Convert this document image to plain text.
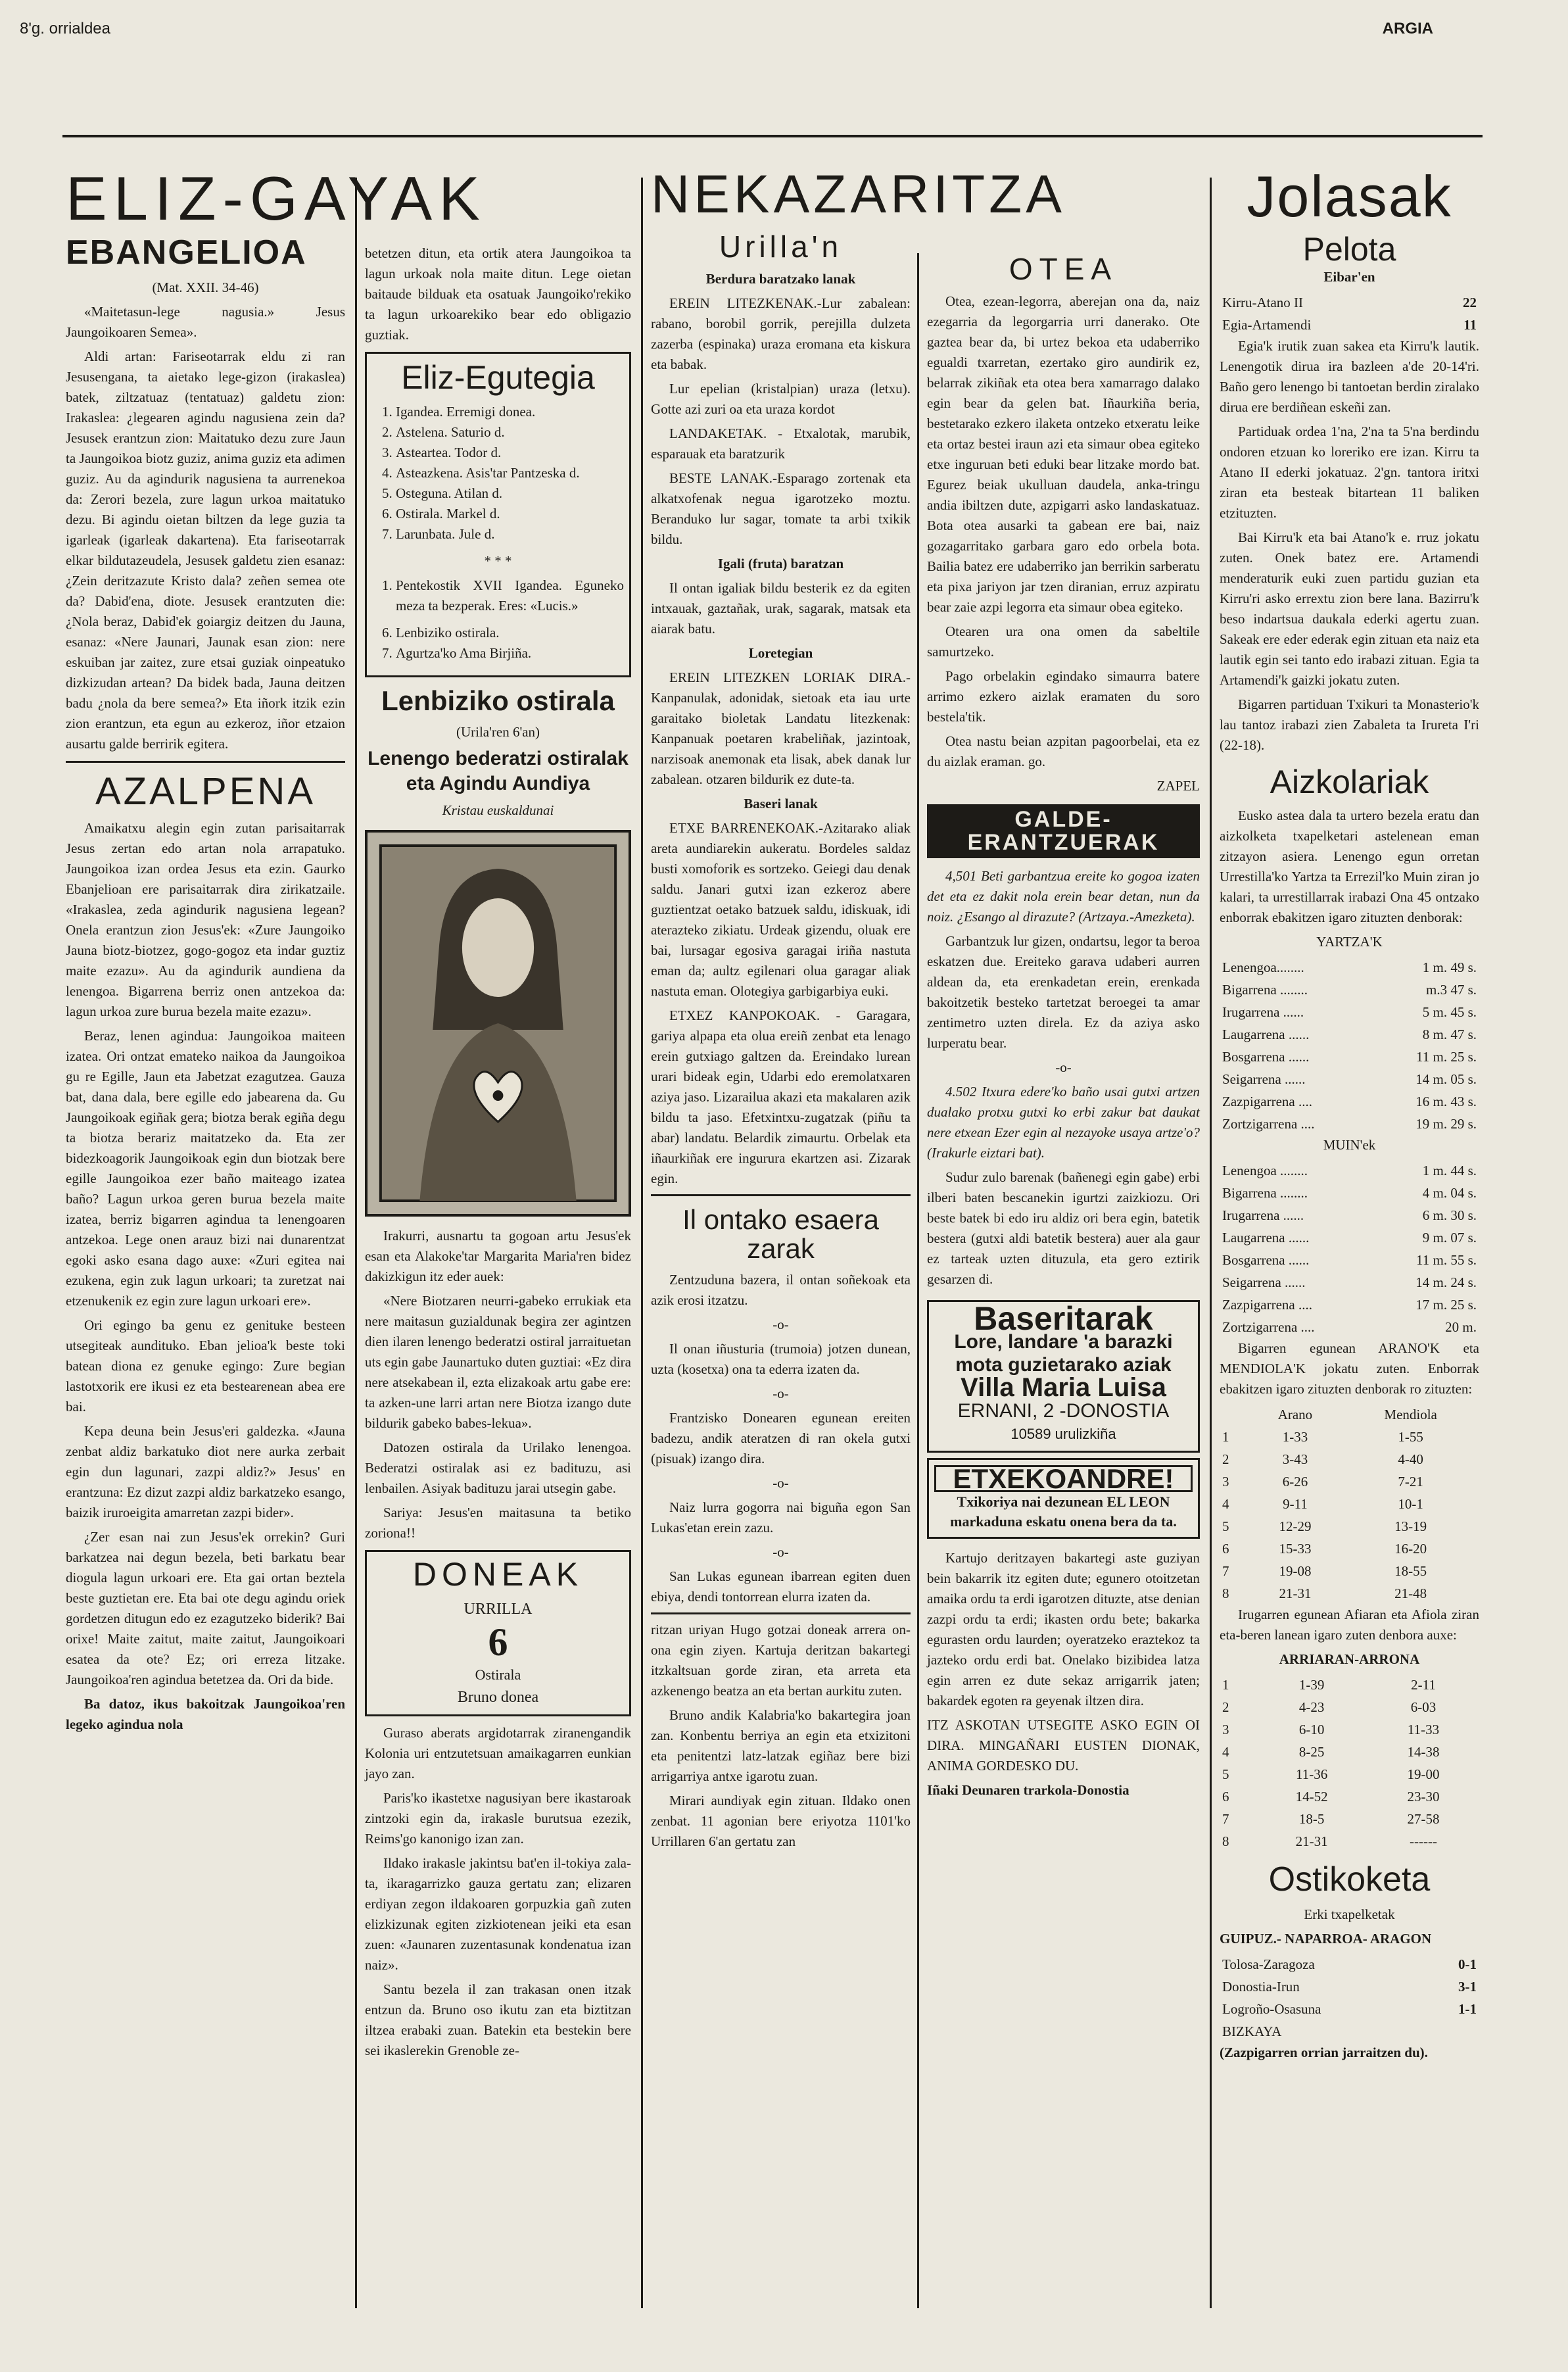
8'g. orrialdea	ARGIA
ELIZ-GAYAK
EBANGELIOA

(Mat. XXII. 34-46)

«Maitetasun-lege nagusia.» Jesus Jaungoikoaren Semea».

Aldi artan: Fariseotarrak eldu zi ran Jesusengana, ta aietako lege-gizon (irakaslea) batek, ziltzatuaz (tentatuaz) galdetu zion: Irakaslea: ¿legearen agindu nagusiena zein da? Jesusek erantzun zion: Maitatuko dezu zure Jaun ta Jaungoikoa biotz guziz, anima guziz eta adimen guziz. Au da agindurik nagusiena ta aurrenekoa da: Zerori bezela, zure lagun urkoa maitatuko dezu. Bi agindu oietan biltzen da lege guzia ta igarleak (igarleak dakartena). Eta fariseotarrak elkar bildutazeudela, Jesusek galdetu zien esanaz: ¿Zein deritzazute Kristo dala? zeñen semea ote da? Dabid'ena, diote. Jesusek erantzuten die: ¿Nola beraz, Dabid'ek goiargiz deitzen du Jauna, esanaz: «Nere Jaunari, Jaunak esan zion: nere eskuiban jar zaitez, zure etsai guziak oinpeatuko dizkizudan artean? Da bidek bada, Jauna deitzen badu ¿nola da bere semea?» Eta iñork itzik ezin zion erantzun, eta egun au ezkeroz, iñor etzaion ausartu galde berririk egitera.

AZALPENA

Amaikatxu alegin egin zutan parisaitarrak Jesus zertan edo artan nola arrapatuko. Jaungoikoa izan ordea Jesus eta ezin. Gaurko Ebanjelioan ere parisaitarrak dira zirikatzaile. «Irakaslea, zeda agindurik nagusiena legean? Onela erantzun zion Jesus'ek: «Zure Jaungoiko Jauna biotz-biotzez, gogo-gogoz eta indar guztiz maite ezazu». Au da agindurik aundiena da lenengoa. Bigarrena berriz onen antzekoa da: lagun urkoa zure burua bezela maite ezazu».

Beraz, lenen agindua: Jaungoikoa maiteen izatea. Ori ontzat emateko naikoa da Jaungoikoa gu re Egille, Jaun eta Jabetzat ezagutzea. Gauza bat, dana dala, bere egille edo jabearena da. Gu Jaungoikoak egiñak gera; biotza berak egiña degu ta biotza berariz maitatzeko da. Eta zer bidezkoagorik Jaungoikoak egin dun biotzak bere egille Jaungoikoa ezer baño maiteago izatea baño? Lagun urkoa geren burua bezela maite izatea, berriz bigarren agindua ta lenengoaren antzekoa. Lege onen arauz bizi nai dunarentzat egoki asko esana dago auxe: «Zuri egitea nai ezukena, egin zuk lagun urkoari; ta zuretzat nai etzenukenik ez egin zure lagun urkoari ere».

Ori egingo ba genu ez genituke besteen utsegiteak aundituko. Eban jelioa'k beste toki batean diona ez genuke egingo: Zure begian lastotxorik ere ikusi ez eta bestearenean abea ere bai.

Kepa deuna bein Jesus'eri galdezka. «Jauna zenbat aldiz barkatuko diot nere aurka zerbait egin dun lagunari, zazpi aldiz?» Jesus' en erantzuna: Ez dizut zazpi aldiz barkatzeko esango, baizik iruroeigita amarretan zazpi bider».

¿Zer esan nai zun Jesus'ek orrekin? Guri barkatzea nai degun bezela, beti barkatu bear diogula lagun urkoari ere. Eta gai ortan beztela beste guztietan ere. Eta bai ote degu agindu oriek gordetzen ditugun edo ez ezagutzeko biderik? Bai orixe! Maite zaitut, maite zaitut, Jaungoikoari esatea da ote? Ez; ori erreza litzake. Jaungoikoa'ren agindua betetzea da. Ori da bide.

Ba datoz, ikus bakoitzak Jaungoikoa'ren legeko agindua nola

betetzen ditun, eta ortik atera Jaungoikoa ta lagun urkoak nola maite ditun. Lege oietan baitaude bilduak eta osatuak Jaungoiko'rekiko ta lagun urkoarekiko bear edo obligazio guztiak.

Eliz-Egutegia
1. Igandea. Erremigi donea.
2. Astelena. Saturio d.
3. Asteartea. Todor d.
4. Asteazkena. Asis'tar Pantzeska d.
5. Osteguna. Atilan d.
6. Ostirala. Markel d.
7. Larunbata. Jule d.

* * *

1. Pentekostik XVII Igandea. Eguneko meza ta bezperak. Eres: «Lucis.»
6. Lenbiziko ostirala.
7. Agurtza'ko Ama Birjiña.
Lenbiziko ostirala

(Urila'ren 6'an)

Lenengo bederatzi ostiralak eta Agindu Aundiya

Kristau euskaldunai

Irakurri, ausnartu ta gogoan artu Jesus'ek esan eta Alakoke'tar Margarita Maria'ren bidez dakizkigun itz eder auek:

«Nere Biotzaren neurri-gabeko errukiak eta nere maitasun guzialdunak begira zer agintzen dien ilaren lenengo bederatzi ostiral jarraituetan uts egin gabe Jaunartuko duten guztiai: «Ez dira nere atsekabean il, ezta elizakoak artu gabe ere: ta azken-une larri artan nere Biotza izango dute bildurik gabeko babes-lekua».

Datozen ostirala da Urilako lenengoa. Bederatzi ostiralak asi ez badituzu, asi lenbailen. Asiyak badituzu jarai utsegin gabe.

Sariya: Jesus'en maitasuna ta betiko zoriona!!

DONEAK
URRILLA
6
Ostirala
Bruno donea

Guraso aberats argidotarrak ziranengandik Kolonia uri entzutetsuan amaikagarren eunkian jayo zan.

Paris'ko ikastetxe nagusiyan bere ikastaroak zintzoki egin da, irakasle burutsua ezezik, Reims'go kanonigo izan zan.

Ildako irakasle jakintsu bat'en il-tokiya zala-ta, ikaragarrizko gauza gertatu zan; elizaren erdiyan zegon ildakoaren gorpuzkia gañ zuten elizkizunak egiten zizkiotenean jeiki eta esan zuen: «Jaunaren zuzentasunak kondenatua izan naiz».

Santu bezela il zan trakasan onen itzak entzun da. Bruno oso ikutu zan eta biztitzan iltzea erabaki zuan. Batekin eta bestekin bere sei ikaslerekin Grenoble ze-

NEKAZARITZA
Urilla'n

Berdura baratzako lanak

EREIN LITEZKENAK.-Lur zabalean: rabano, borobil gorrik, perejilla dulzeta zazerba (espinaka) uraza eromana eta kiskura eta babak.

Lur epelian (kristalpian) uraza (letxu). Gotte azi zuri oa eta uraza kordot

LANDAKETAK. - Etxalotak, marubik, esparauak eta baratzurik

BESTE LANAK.-Esparago zortenak eta alkatxofenak negua igarotzeko moztu. Beranduko lur sagar, tomate ta arbi txikik bildu.

Igali (fruta) baratzan

Il ontan igaliak bildu besterik ez da egiten intxauak, gaztañak, urak, sagarak, matsak eta aiarak batu.

Loretegian

EREIN LITEZKEN LORIAK DIRA.-Kanpanulak, adonidak, sietoak eta iau urte garaitako bioletak Landatu litezkenak: Kanpanuak poetaren krabeliñak, jazintoak, narzisoak anemonak eta lisak, abek danak lur zabalean. otzaren bildurik ez dute-ta.

Baseri lanak

ETXE BARRENEKOAK.-Azitarako aliak areta aundiarekin aukeratu. Bordeles saldaz busti xomoforik es sortzeko. Geiegi dau denak saldu. Janari gutxi izan ezkeroz abere guztientzat oetako batzuek saldu, idiskuak, idi aterazteko zikiatu. Urdeak gizendu, oluak ere bai, lursagar egosiva garagai iriña nastuta eman da; aultz egilenari olua garagar aliak nastuta eman. Olotegiya garbigarbiya euki.

ETXEZ KANPOKOAK. - Garagara, gariya alpapa eta olua ereiñ zenbat eta lenago erein gutxiago galtzen da. Ereindako lurean urari bideak egin, Udarbi edo eremolatxaren aziya jaso. Lizarailua akazi eta makalaren azik bildu ta jaso. Efetxintxu-zugatzak (piñu ta abar) landatu. Belardik zimaurtu. Orbelak eta iñaurkiñak ere ingurura ekartzen asi. Zizarak egin.

Il ontako esaera zarak

Zentzuduna bazera, il ontan soñekoak eta azik erosi itzatzu.

-o-

Il onan iñusturia (trumoia) jotzen dunean, uzta (kosetxa) ona ta ederra izaten da.

-o-

Frantzisko Donearen egunean ereiten badezu, andik ateratzen di ran okela gutxi (pisuak) izango dira.

-o-

Naiz lurra gogorra nai biguña egon San Lukas'etan erein zazu.

-o-

San Lukas egunean ibarrean egiten duen ebiya, dendi tontorrean elurra izaten da.

ritzan uriyan Hugo gotzai doneak arrera on-ona egin ziyen. Kartuja deritzan bakartegi itzkaltsuan gorde ziran, eta arreta eta azkenengo beatza an eta bertan aurkitu zuten.

Bruno andik Kalabria'ko bakartegira joan zan. Konbentu berriya an egin eta etxizitoni eta penitentzi latz-latzak egiñaz bere bizi arrigarriya antxe igarotu zuan.

Mirari aundiyak egin zituan. Ildako onen zenbat. 11 agonian bere eriyotza 1101'ko Urrillaren 6'an gertatu zan

OTEA

Otea, ezean-legorra, aberejan ona da, naiz ezegarria da legorgarria urri danerako. Ote gaztea bear da, bi urtez bekoa eta udaberriko egualdi txarretan, ezertako giro aundirik ez, belarrak zikiñak eta otea bera xamarrago dalako egin bear da gelen bat. Iñaurkiña beria, bestetarako ezkero ilaketa ontzeko etxeratu leike eta ortaz bestei iraun azi eta simaur obea egiteko etxe inguruan beti eduki bear litzake mordo bat. Egurez beiak ukulluan daudela, anka-tringu andia ibiltzen dute, azpigarri asko landaskatuaz. Bota otea ausarki ta gabean ere bai, naiz gozagarritako garbara garo edo orbela bota. Bailia batez ere udaberriko jan berrikin sarberatu eta pixa jariyon jar tzen diranian, erruz azpiratu bear zaie azpi legorra eta simaur obea egiteko.

Otearen ura ona omen da sabeltile samurtzeko.

Pago orbelakin egindako simaurra batere arrimo ezkero aizlak eramaten du soro bestela'tik.

Otea nastu beian azpitan pagoorbelai, eta ez du aizlak eraman. go.

ZAPEL

GALDE-ERANTZUERAK

4,501 Beti garbantzua ereite ko gogoa izaten det eta ez dakit nola erein bear detan, nun da noiz. ¿Esango al dirazute? (Artzaya.-Amezketa).

Garbantzuk lur gizen, ondartsu, legor ta beroa eskatzen due. Ereiteko garava udaberi aurren aldean da, eta erenkadetan erein, erenkada bakoitzetik besteko tartetzat beroegei ta amar zentimetro uzten direla. Ez da aziya asko lurperatu bear.

-o-

4.502 Itxura edere'ko baño usai gutxi artzen dualako protxu gutxi ko erbi zakur bat daukat nere etxean Ezer egin al nezayoke usaya artze'o? (Irakurle eiztari bat).

Sudur zulo barenak (bañenegi egin gabe) erbi ilberi baten bescanekin igurtzi zaizkiozu. Ori beste batek bi edo iru aldiz ori bera egin, batetik bestera (gutxi aldi batetik bestera) auer ala gaur ez tarteak uzten dituzula, eta gero eztirik gesarzen di.

Baseritarak
Lore, landare 'a barazki
mota guzietarako aziak
Villa Maria Luisa
ERNANI, 2 -DONOSTIA
10589 urulizkiña
ETXEKOANDRE!
Txikoriya nai dezunean EL LEON markaduna eskatu onena bera da ta.

Kartujo deritzayen bakartegi aste guziyan bein bakarrik itz egiten dute; egunero otoitzetan amaika ordu ta erdi igarotzen dituzte, atse denian zazpi ordu ta erdi; ikasten ordu bete; bakarka egurasten ordu laurden; oyeratzeko eraztekoz ta jazteko ordu erdi bat. Onelako bizibidea latza egin arren ez dute sekaz arrigarrik jaten; bakardek egoten ra geyenak iltzen dira.

ITZ ASKOTAN UTSEGITE ASKO EGIN OI DIRA. MINGAÑARI EUSTEN DIONAK, ANIMA GORDESKO DU.

Iñaki Deunaren trarkola-Donostia

Jolasak
Pelota

Eibar'en

Kirru-Atano II	22
Egia-Artamendi	11

Egia'k irutik zuan sakea eta Kirru'k lautik. Lenengotik dirua ira bazleen a'de 20-14'ri. Baño gero lenengo bi tantoetan berdin ziralako dirua ere berdiñean eskeñi zan.

Partiduak ordea 1'na, 2'na ta 5'na berdindu ondoren etzuan ko loreriko ere izan. Kirru ta Atano II ederki jokatuaz. 2'gn. tantora iritxi ziran eta besteak bitartean 11 baliken etzituzten.

Bai Kirru'k eta bai Atano'k e. rruz jokatu zuten. Onek batez ere. Artamendi menderaturik euki zuen partidu guzian eta Kirru'ri asko errextu zion bere lana. Bazirru'k beso indartsua daukala ederki agertu zuan. Sakeak ere eder ederak egin zituan eta naiz eta lautik egin sei tanto edo irabazi zituan. Egia ta Artamendi'k gaizki jokatu zuten.

Bigarren partiduan Txikuri ta Monasterio'k lau tantoz irabazi zien Zabaleta ta Irureta I'ri (22-18).

Aizkolariak

Eusko astea dala ta urtero bezela eratu dan aizkolketa txapelketari astelenean eman zitzayon asiera. Lenengo egun orretan Urrestilla'ko Yartza ta Errezil'ko Muin ziran jo kalari, ta urrestillarrak irabazi Ona 45 ontzako enborrak ebakitzen igaro zituzten denborak:

YARTZA'K

Lenengoa........	1 m. 49 s.
Bigarrena ........	m.3 47 s.
Irugarrena ......	5 m. 45 s.
Laugarrena ......	8 m. 47 s.
Bosgarrena ......	11 m. 25 s.
Seigarrena ......	14 m. 05 s.
Zazpigarrena ....	16 m. 43 s.
Zortzigarrena ....	19 m. 29 s.

MUIN'ek

Lenengoa ........	1 m. 44 s.
Bigarrena ........	4 m. 04 s.
Irugarrena ......	6 m. 30 s.
Laugarrena ......	9 m. 07 s.
Bosgarrena ......	11 m. 55 s.
Seigarrena ......	14 m. 24 s.
Zazpigarrena ....	17 m. 25 s.
Zortzigarrena ....	20 m.

Bigarren egunean ARANO'K eta MENDIOLA'K jokatu zuten. Enborrak ebakitzen igaro zituzten denborak ro zituzten:

	Arano	Mendiola
1	1-33	1-55
2	3-43	4-40
3	6-26	7-21
4	9-11	10-1
5	12-29	13-19
6	15-33	16-20
7	19-08	18-55
8	21-31	21-48

Irugarren egunean Afiaran eta Afiola ziran eta-beren lanean igaro zuten denbora auxe:

ARRIARAN-ARRONA

1	1-39	2-11
2	4-23	6-03
3	6-10	11-33
4	8-25	14-38
5	11-36	19-00
6	14-52	23-30
7	18-5	27-58
8	21-31	------
Ostikoketa

Erki txapelketak

GUIPUZ.- NAPARROA- ARAGON

Tolosa-Zaragoza	0-1
Donostia-Irun	3-1
Logroño-Osasuna	1-1
BIZKAYA	

(Zazpigarren orrian jarraitzen du).
